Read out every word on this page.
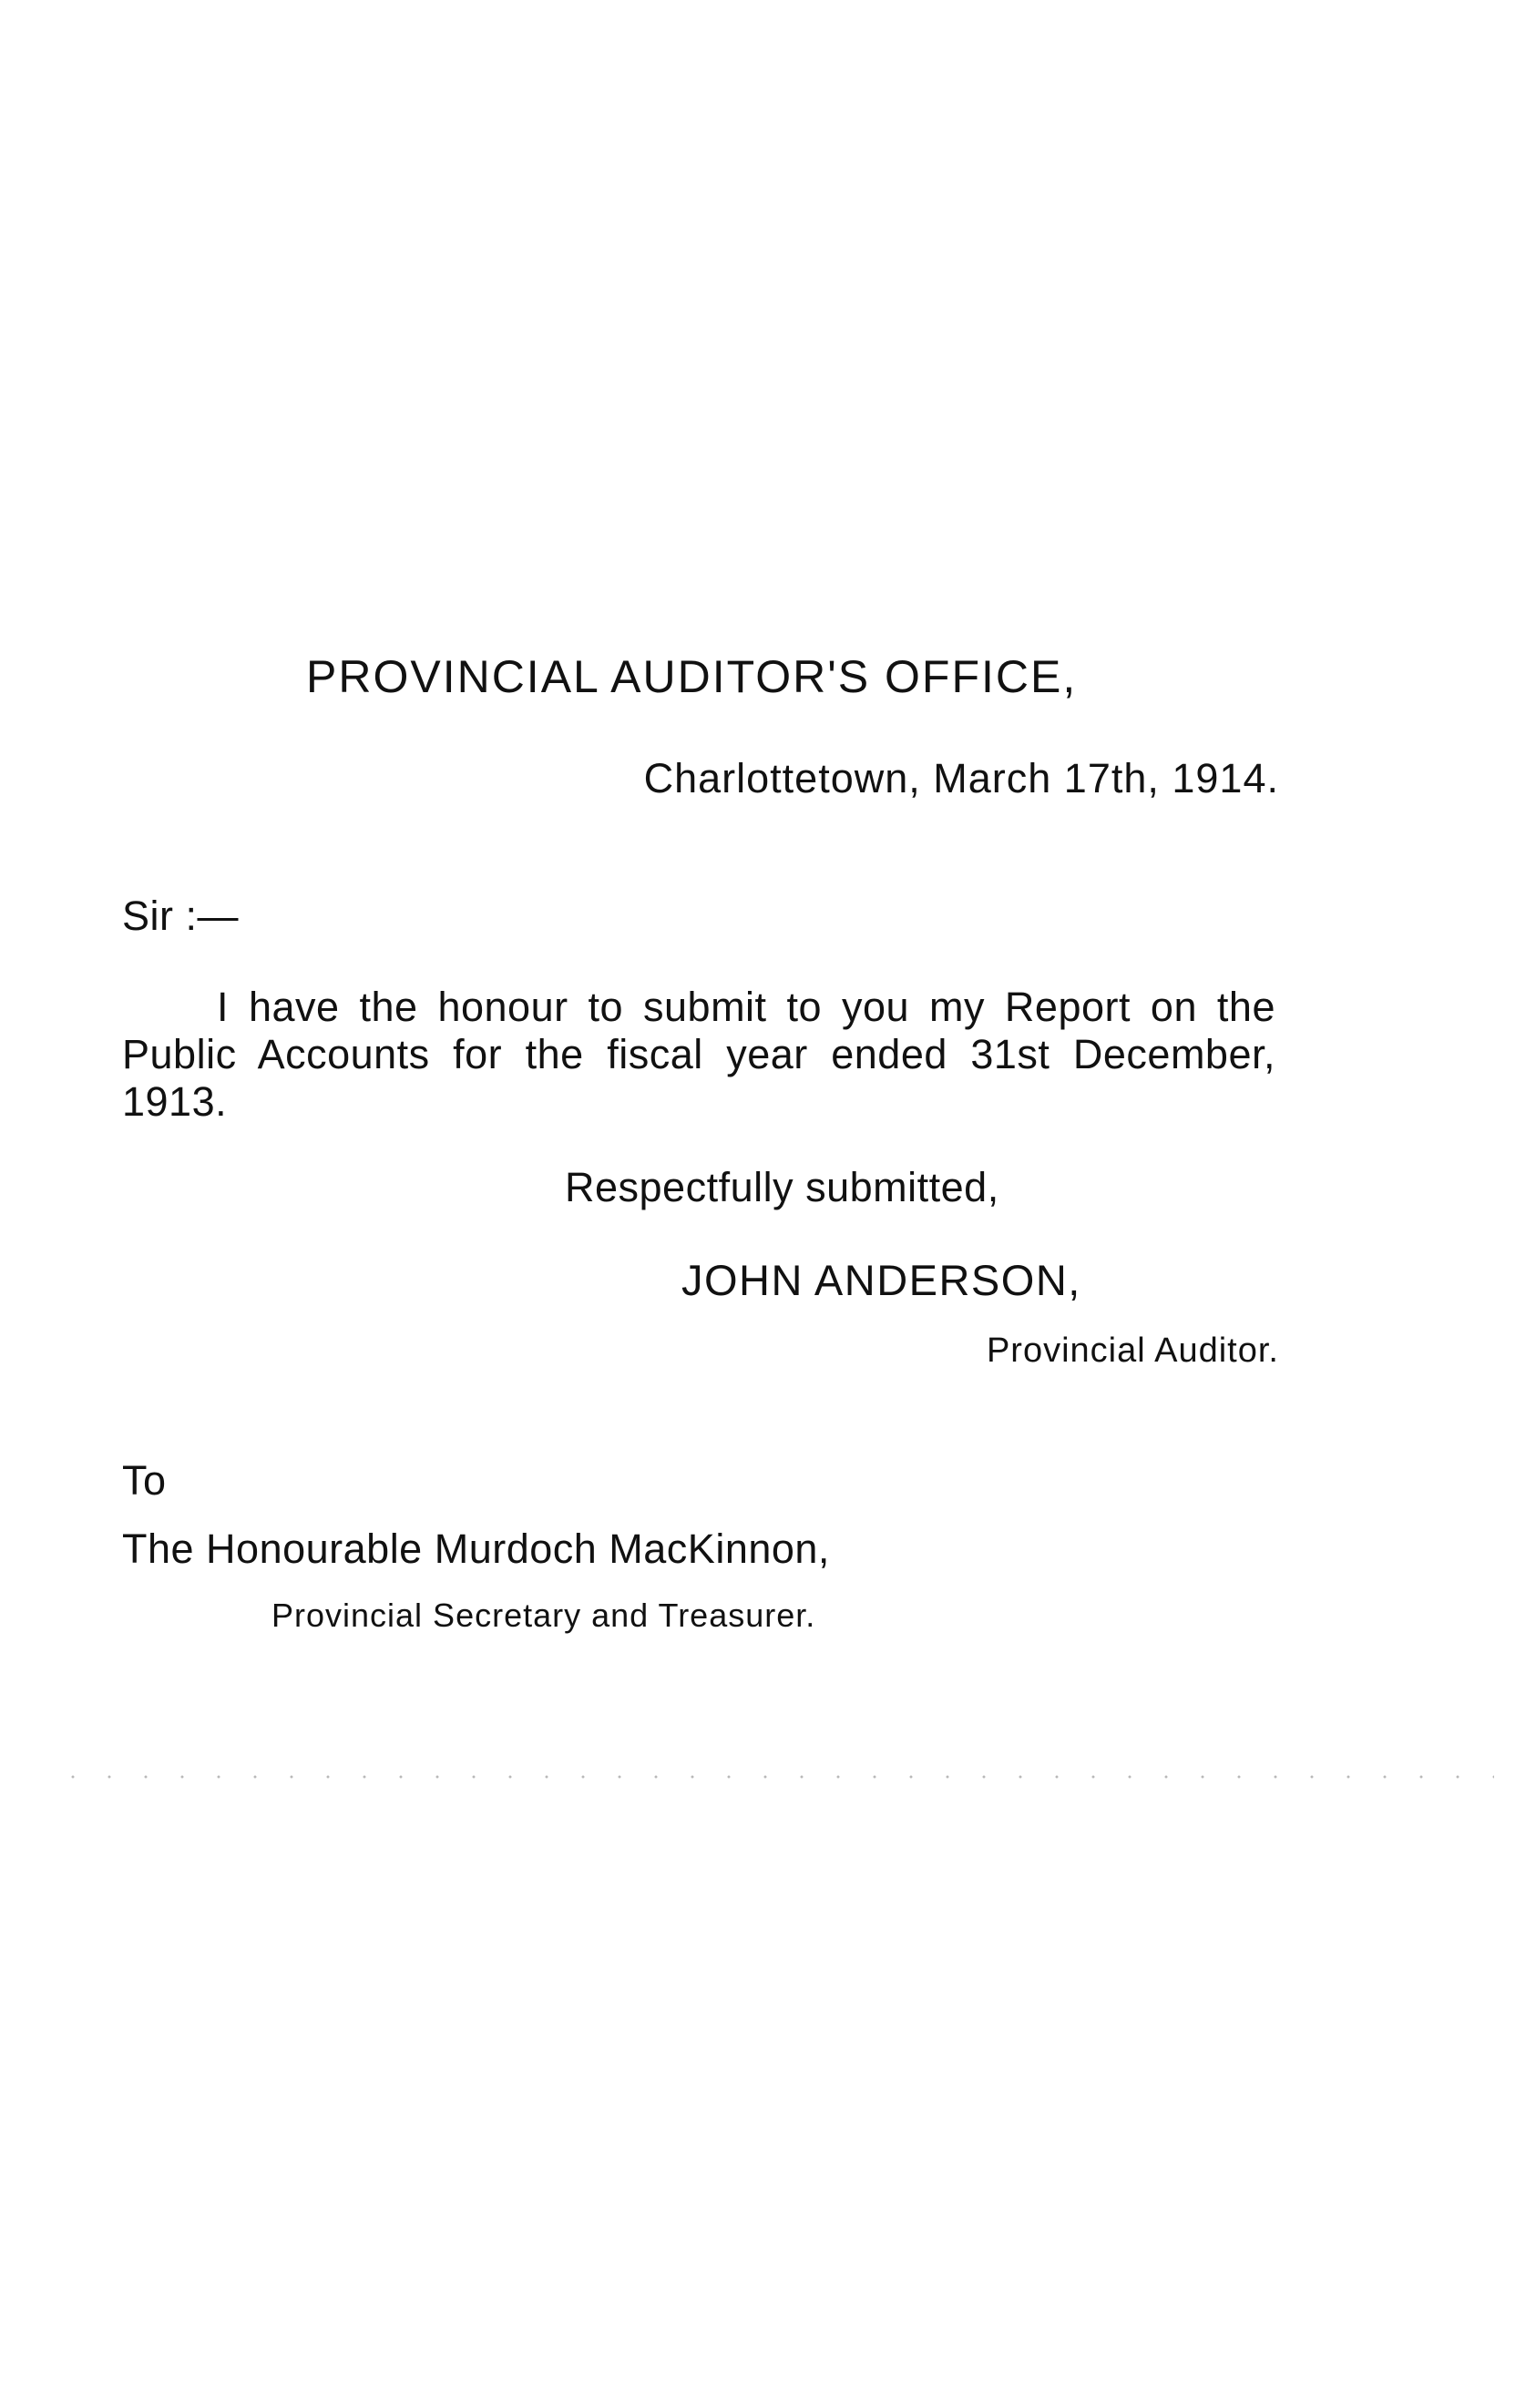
PROVINCIAL AUDITOR'S OFFICE,
Charlottetown, March 17th, 1914.
Sir :—

I have the honour to submit to you my Report on the Public Accounts for the fiscal year ended 31st December, 1913.

Respectfully submitted,
JOHN ANDERSON,
Provincial Auditor.
To
The Honourable Murdoch MacKinnon,
Provincial Secretary and Treasurer.
